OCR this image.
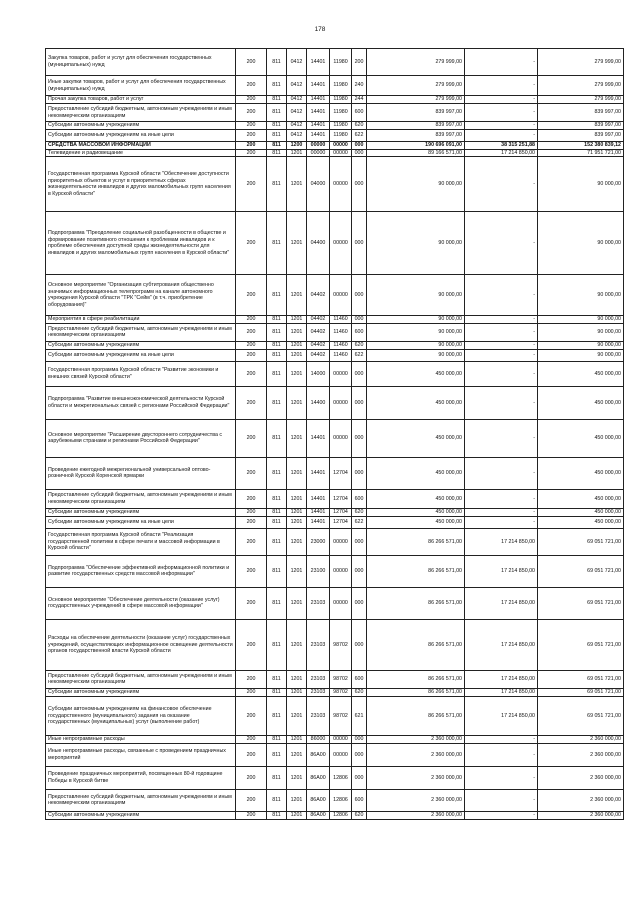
178
Закупка товаров, работ и услуг для обеспечения государственных (муниципальных) нужд	200	811	0412	14401	11980	200	279 999,00	-	279 999,00
Иные закупки товаров, работ и услуг для обеспечения государственных (муниципальных) нужд	200	811	0412	14401	11980	240	279 999,00	-	279 999,00
Прочая закупка товаров, работ и услуг	200	811	0412	14401	11980	244	279 999,00	-	279 999,00
Предоставление субсидий бюджетным, автономным учреждениям и иным некоммерческим организациям	200	811	0412	14401	11980	600	839 997,00	-	839 997,00
Субсидии автономным учреждениям	200	811	0412	14401	11980	620	839 997,00	-	839 997,00
Субсидии автономным учреждениям на иные цели	200	811	0412	14401	11980	622	839 997,00	-	839 997,00
СРЕДСТВА МАССОВОЙ ИНФОРМАЦИИ	200	811	1200	00000	00000	000	190 696 091,00	38 315 251,88	152 380 839,12
Телевидение и радиовещание	200	811	1201	00000	00000	000	89 166 571,00	17 214 850,00	71 951 721,00
Государственная программа Курской области "Обеспечение доступности приоритетных объектов и услуг в приоритетных сферах жизнедеятельности инвалидов и других маломобильных групп населения в Курской области"	200	811	1201	04000	00000	000	90 000,00	-	90 000,00
Подпрограмма "Преодоление социальной разобщенности в обществе и формирование позитивного отношения к проблемам инвалидов и к проблеме обеспечения доступной среды жизнедеятельности для инвалидов и других маломобильных групп населения в Курской области"	200	811	1201	04400	00000	000	90 000,00	-	90 000,00
Основное мероприятие "Организация субтитрования общественно значимых информационных телепрограмм на канале автономного учреждения Курской области "ТРК "Сейм" (в т.ч. приобретение оборудования)"	200	811	1201	04402	00000	000	90 000,00	-	90 000,00
Мероприятия в сфере реабилитации	200	811	1201	04402	11460	000	90 000,00	-	90 000,00
Предоставление субсидий бюджетным, автономным учреждениям и иным некоммерческим организациям	200	811	1201	04402	11460	600	90 000,00	-	90 000,00
Субсидии автономным учреждениям	200	811	1201	04402	11460	620	90 000,00	-	90 000,00
Субсидии автономным учреждениям на иные цели	200	811	1201	04402	11460	622	90 000,00	-	90 000,00
Государственная программа Курской области "Развитие экономики и внешних связей Курской области"	200	811	1201	14000	00000	000	450 000,00	-	450 000,00
Подпрограмма "Развитие внешнеэкономической деятельности Курской области и межрегиональных связей с регионами Российской Федерации"	200	811	1201	14400	00000	000	450 000,00	-	450 000,00
Основное мероприятие "Расширение двустороннего сотрудничества с зарубежными странами и регионами Российской Федерации"	200	811	1201	14401	00000	000	450 000,00	-	450 000,00
Проведение ежегодной межрегиональной универсальной оптово-розничной Курской Коренской ярмарки	200	811	1201	14401	12704	000	450 000,00	-	450 000,00
Предоставление субсидий бюджетным, автономным учреждениям и иным некоммерческим организациям	200	811	1201	14401	12704	600	450 000,00	-	450 000,00
Субсидии автономным учреждениям	200	811	1201	14401	12704	620	450 000,00	-	450 000,00
Субсидии автономным учреждениям на иные цели	200	811	1201	14401	12704	622	450 000,00	-	450 000,00
Государственная программа Курской области "Реализация государственной политики в сфере печати и массовой информации в Курской области"	200	811	1201	23000	00000	000	86 266 571,00	17 214 850,00	69 051 721,00
Подпрограмма "Обеспечение эффективной информационной политики и развитие государственных средств массовой информации"	200	811	1201	23100	00000	000	86 266 571,00	17 214 850,00	69 051 721,00
Основное мероприятие "Обеспечение деятельности (оказание услуг) государственных учреждений в сфере массовой информации"	200	811	1201	23103	00000	000	86 266 571,00	17 214 850,00	69 051 721,00
Расходы на обеспечение деятельности (оказание услуг) государственных учреждений, осуществляющих информационное освещение деятельности органов государственной власти Курской области	200	811	1201	23103	98702	000	86 266 571,00	17 214 850,00	69 051 721,00
Предоставление субсидий бюджетным, автономным учреждениям и иным некоммерческим организациям	200	811	1201	23103	98702	600	86 266 571,00	17 214 850,00	69 051 721,00
Субсидии автономным учреждениям	200	811	1201	23103	98702	620	86 266 571,00	17 214 850,00	69 051 721,00
Субсидии автономным учреждениям на финансовое обеспечение государственного (муниципального) задания на оказание государственных (муниципальных) услуг (выполнение работ)	200	811	1201	23103	98702	621	86 266 571,00	17 214 850,00	69 051 721,00
Иные непрограммные расходы	200	811	1201	86000	00000	000	2 360 000,00	-	2 360 000,00
Иные непрограммные расходы, связанные с проведением праздничных мероприятий	200	811	1201	86А00	00000	000	2 360 000,00	-	2 360 000,00
Проведение праздничных мероприятий, посвященных 80-й годовщине Победы в Курской битве	200	811	1201	86А00	12806	000	2 360 000,00	-	2 360 000,00
Предоставление субсидий бюджетным, автономным учреждениям и иным некоммерческим организациям	200	811	1201	86А00	12806	600	2 360 000,00	-	2 360 000,00
Субсидии автономным учреждениям	200	811	1201	86А00	12806	620	2 360 000,00	-	2 360 000,00
